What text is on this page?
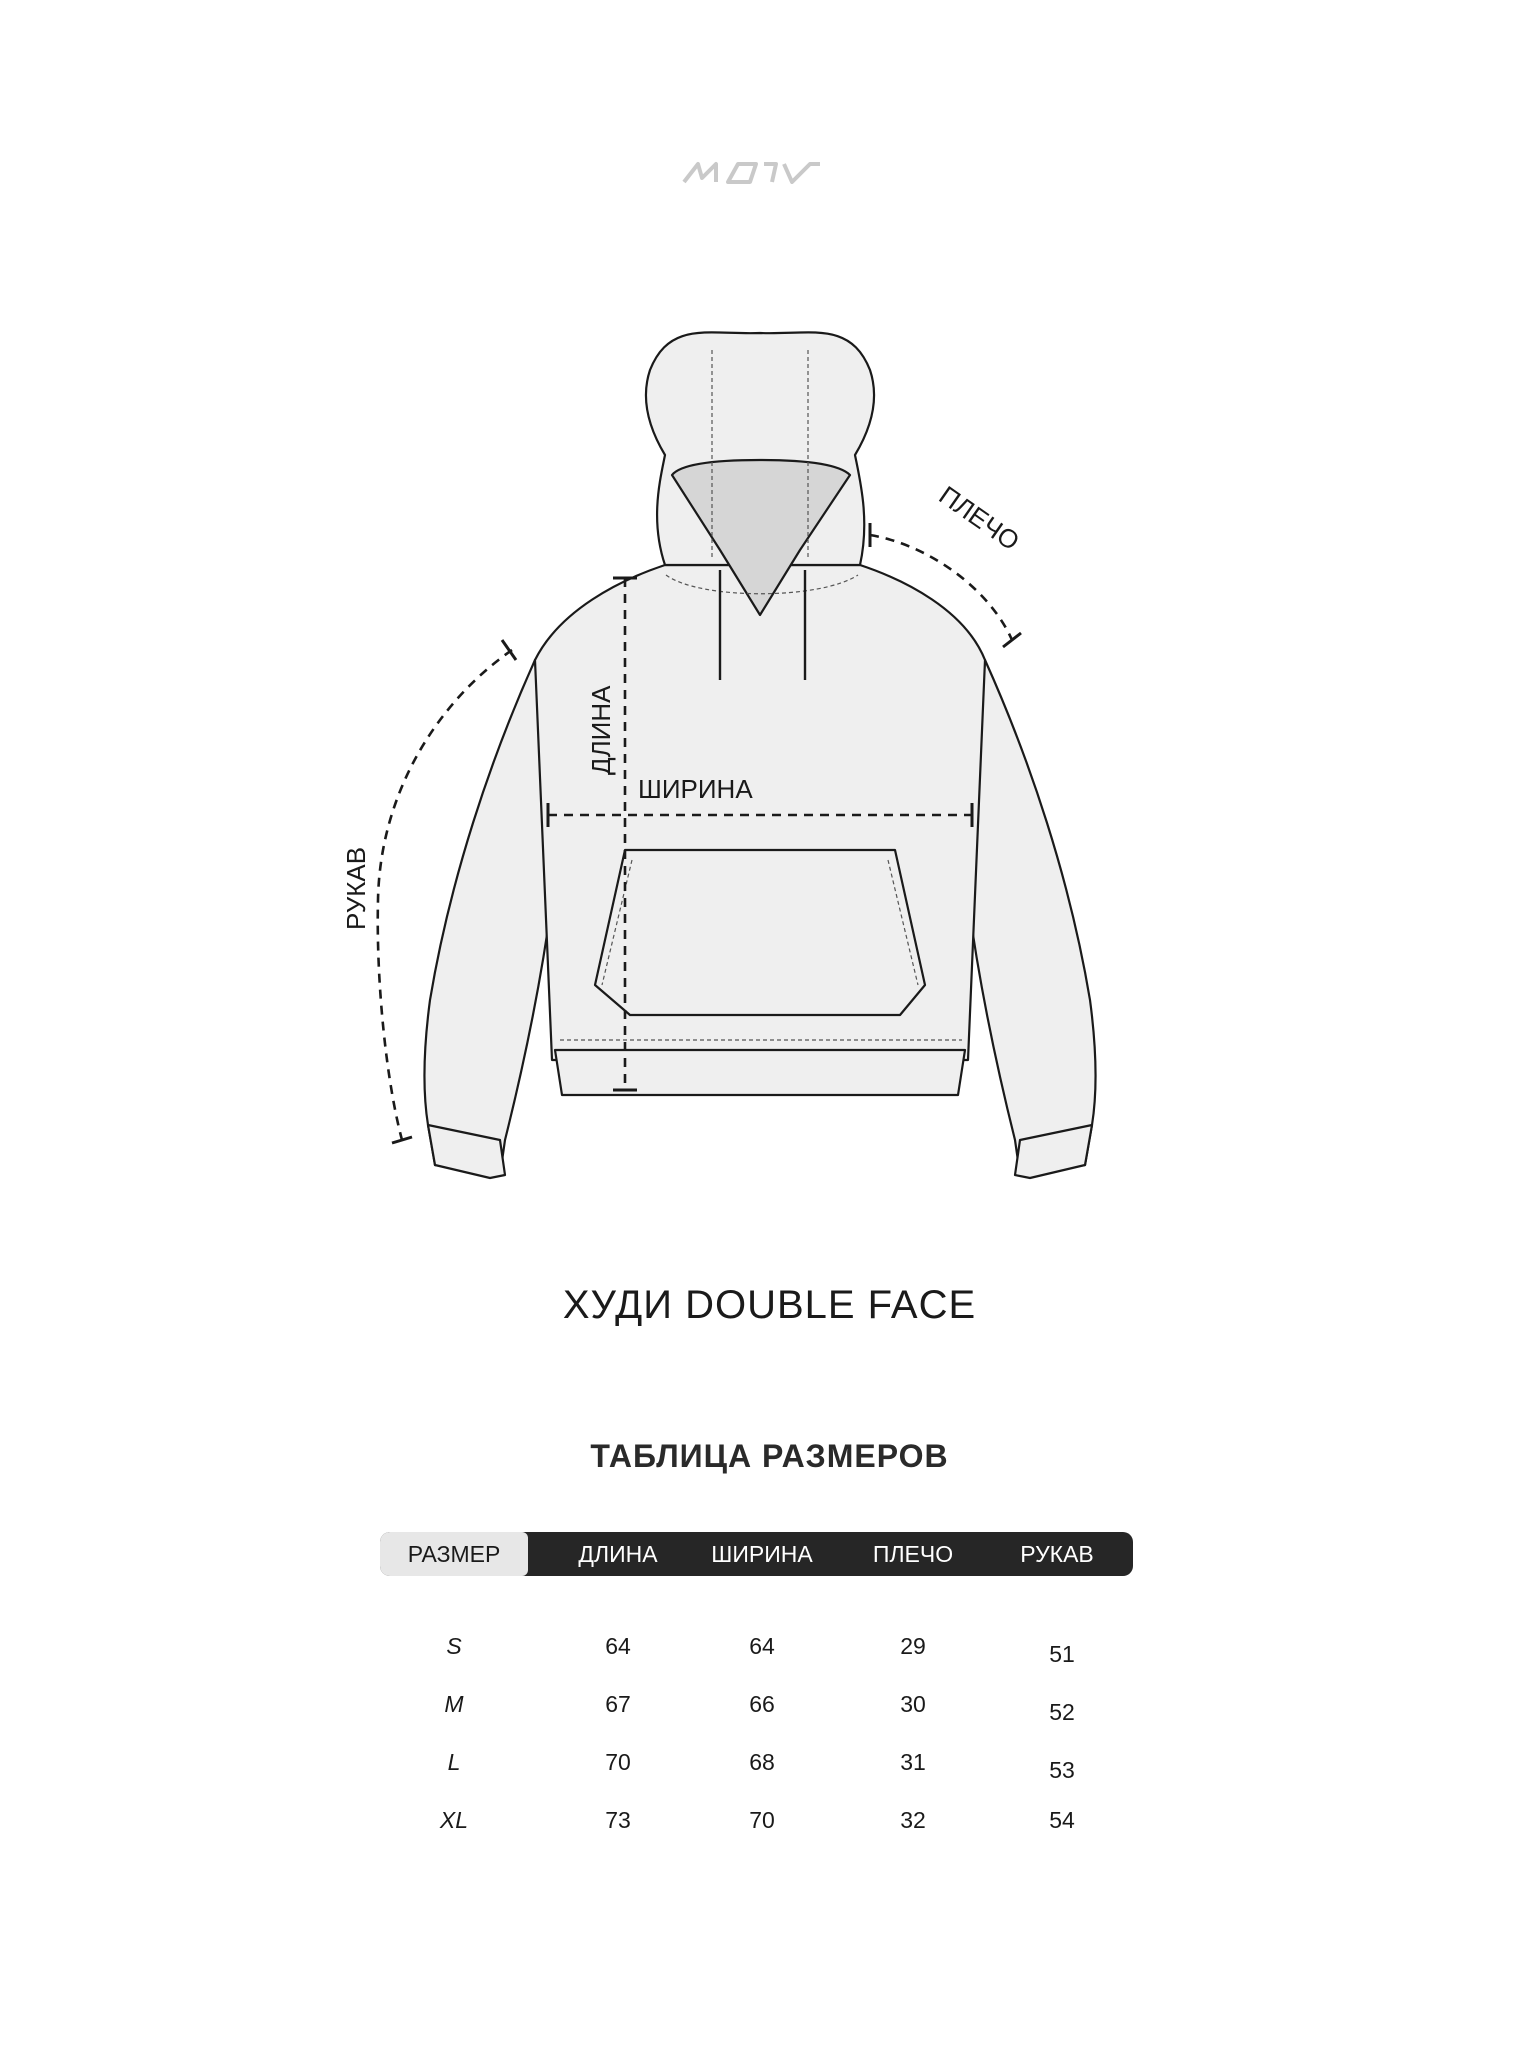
ПЛЕЧО
ДЛИНА
ШИРИНА
РУКАВ
ХУДИ DOUBLE FACE
ТАБЛИЦА РАЗМЕРОВ
РАЗМЕР	ДЛИНА	ШИРИНА	ПЛЕЧО	РУКАВ
S	64	64	29	51
M	67	66	30	52
L	70	68	31	53
XL	73	70	32	54
